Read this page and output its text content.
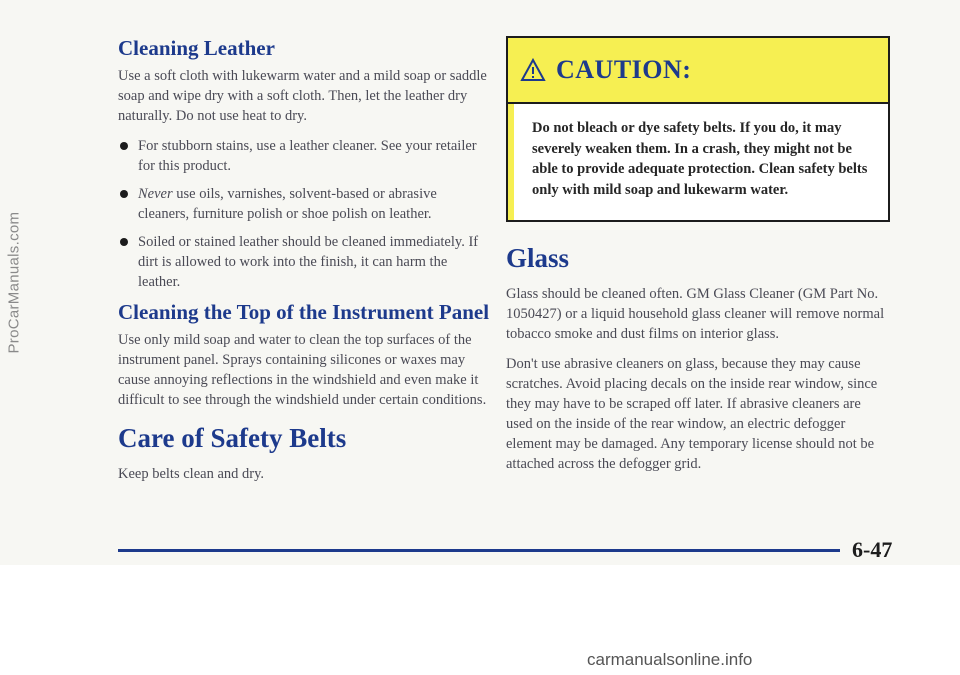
ProCarManuals.com
Cleaning Leather

Use a soft cloth with lukewarm water and a mild soap or saddle soap and wipe dry with a soft cloth. Then, let the leather dry naturally. Do not use heat to dry.

For stubborn stains, use a leather cleaner. See your retailer for this product.
Never use oils, varnishes, solvent-based or abrasive cleaners, furniture polish or shoe polish on leather.
Soiled or stained leather should be cleaned immediately. If dirt is allowed to work into the finish, it can harm the leather.
Cleaning the Top of the Instrument Panel

Use only mild soap and water to clean the top surfaces of the instrument panel. Sprays containing silicones or waxes may cause annoying reflections in the windshield and even make it difficult to see through the windshield under certain conditions.

Care of Safety Belts

Keep belts clean and dry.

CAUTION:
Do not bleach or dye safety belts. If you do, it may severely weaken them. In a crash, they might not be able to provide adequate protection. Clean safety belts only with mild soap and lukewarm water.
Glass

Glass should be cleaned often. GM Glass Cleaner (GM Part No. 1050427) or a liquid household glass cleaner will remove normal tobacco smoke and dust films on interior glass.

Don't use abrasive cleaners on glass, because they may cause scratches. Avoid placing decals on the inside rear window, since they may have to be scraped off later. If abrasive cleaners are used on the inside of the rear window, an electric defogger element may be damaged. Any temporary license should not be attached across the defogger grid.

6-47
carmanualsonline.info
